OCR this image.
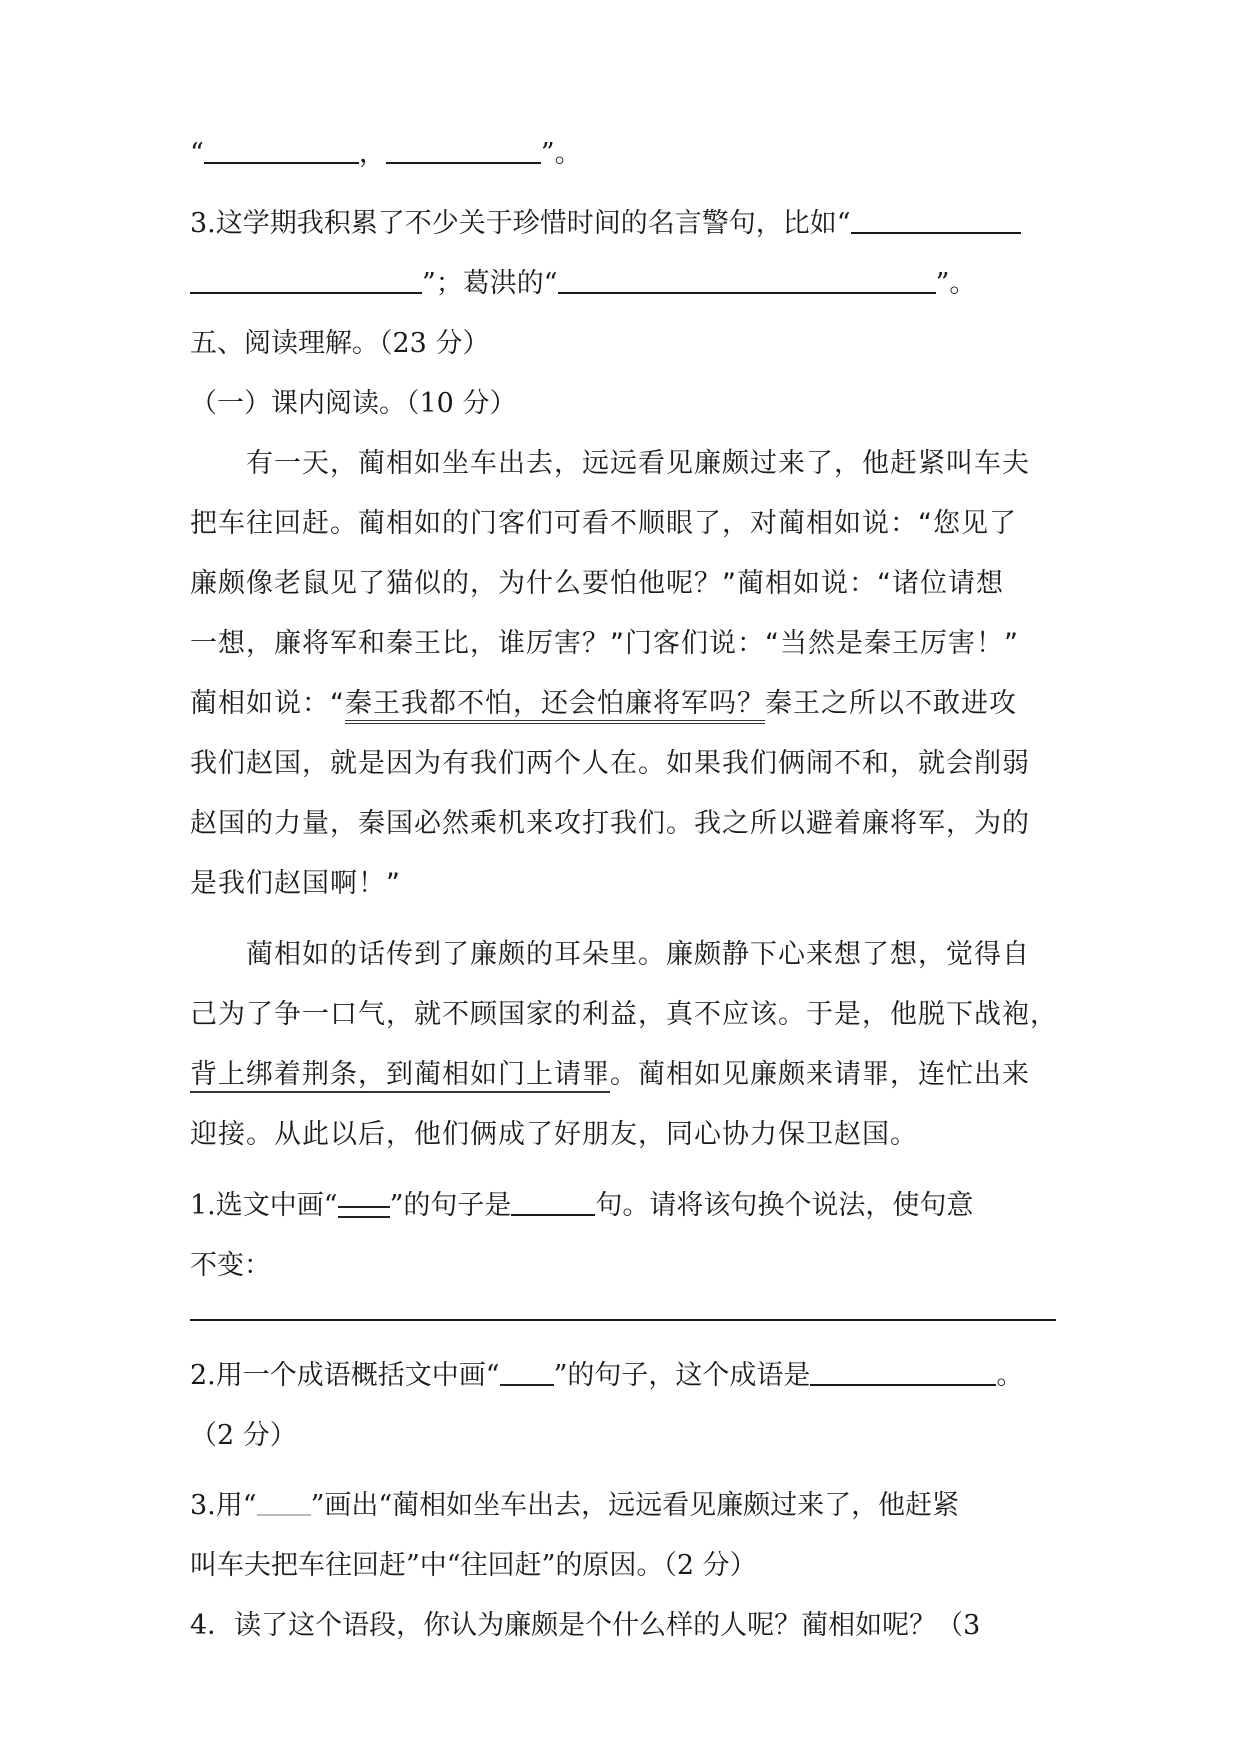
“	，	”。
3.这学期我积累了不少关于珍惜时间的名言警句，比如“
”；葛洪的“	”。
五、阅读理解。（23 分）
（一）课内阅读。（10 分）
有一天，蔺相如坐车出去，远远看见廉颇过来了，他赶紧叫车夫
把车往回赶。蔺相如的门客们可看不顺眼了，对蔺相如说：“您见了
廉颇像老鼠见了猫似的，为什么要怕他呢？”蔺相如说：“诸位请想
一想，廉将军和秦王比，谁厉害？”门客们说：“当然是秦王厉害！”
蔺相如说：“秦王我都不怕，还会怕廉将军吗？秦王之所以不敢进攻
我们赵国，就是因为有我们两个人在。如果我们俩闹不和，就会削弱
赵国的力量，秦国必然乘机来攻打我们。我之所以避着廉将军，为的
是我们赵国啊！”
蔺相如的话传到了廉颇的耳朵里。廉颇静下心来想了想，觉得自
己为了争一口气，就不顾国家的利益，真不应该。于是，他脱下战袍，
背上绑着荆条，到蔺相如门上请罪。蔺相如见廉颇来请罪，连忙出来
迎接。从此以后，他们俩成了好朋友，同心协力保卫赵国。
1.选文中画“ ”的句子是	句。请将该句换个说法，使句意
不变：
2.用一个成语概括文中画“ ”的句子，这个成语是	。
（2 分）
3.用“ ”画出“蔺相如坐车出去，远远看见廉颇过来了，他赶紧
叫车夫把车往回赶”中“往回赶”的原因。（2 分）
4．读了这个语段，你认为廉颇是个什么样的人呢？蔺相如呢？（3
